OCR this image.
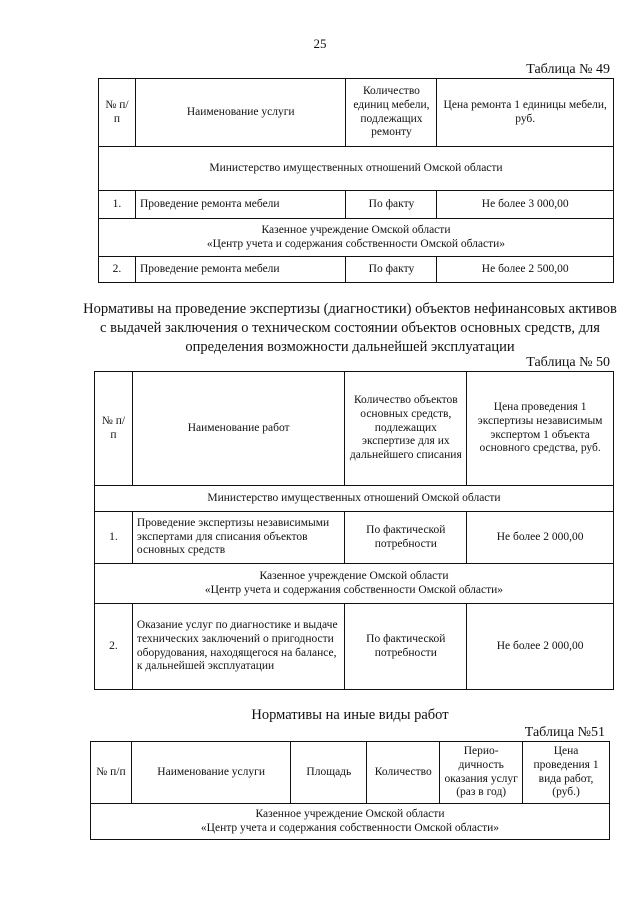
25
Таблица № 49
№ п/п	Наименование услуги	Количество единиц мебели, подлежащих ремонту	Цена ремонта 1 единицы мебели, руб.
Министерство имущественных отношений Омской области			
1.	Проведение ремонта мебели	По факту	Не более 3 000,00

Казенное учреждение Омской области
«Центр учета и содержания собственности Омской области»			

2.	Проведение ремонта мебели	По факту	Не более 2 500,00
Нормативы на проведение экспертизы (диагностики) объектов нефинансовых активов с выдачей заключения о техническом состоянии объектов основных средств, для определения возможности дальнейшей эксплуатации
Таблица № 50
№ п/п	Наименование работ	Количество объектов основных средств, подлежащих экспертизе для их дальнейшего списания	Цена проведения 1 экспертизы независимым экспертом 1 объекта основного средства, руб.
Министерство имущественных отношений Омской области			
1.	Проведение экспертизы независимыми экспертами для списания объектов основных средств	По фактической потребности	Не более 2 000,00

Казенное учреждение Омской области
«Центр учета и содержания собственности Омской области»			

2.	Оказание услуг по диагностике и выдаче технических заключений о пригодности оборудования, находящегося на балансе, к дальнейшей эксплуатации	По фактической потребности	Не более 2 000,00
Нормативы на иные виды работ
Таблица №51
№ п/п	Наименование услуги	Площадь	Количество	Перио-дичность оказания услуг (раз в год)	Цена проведения 1 вида работ, (руб.)

Казенное учреждение Омской области
«Центр учета и содержания собственности Омской области»
